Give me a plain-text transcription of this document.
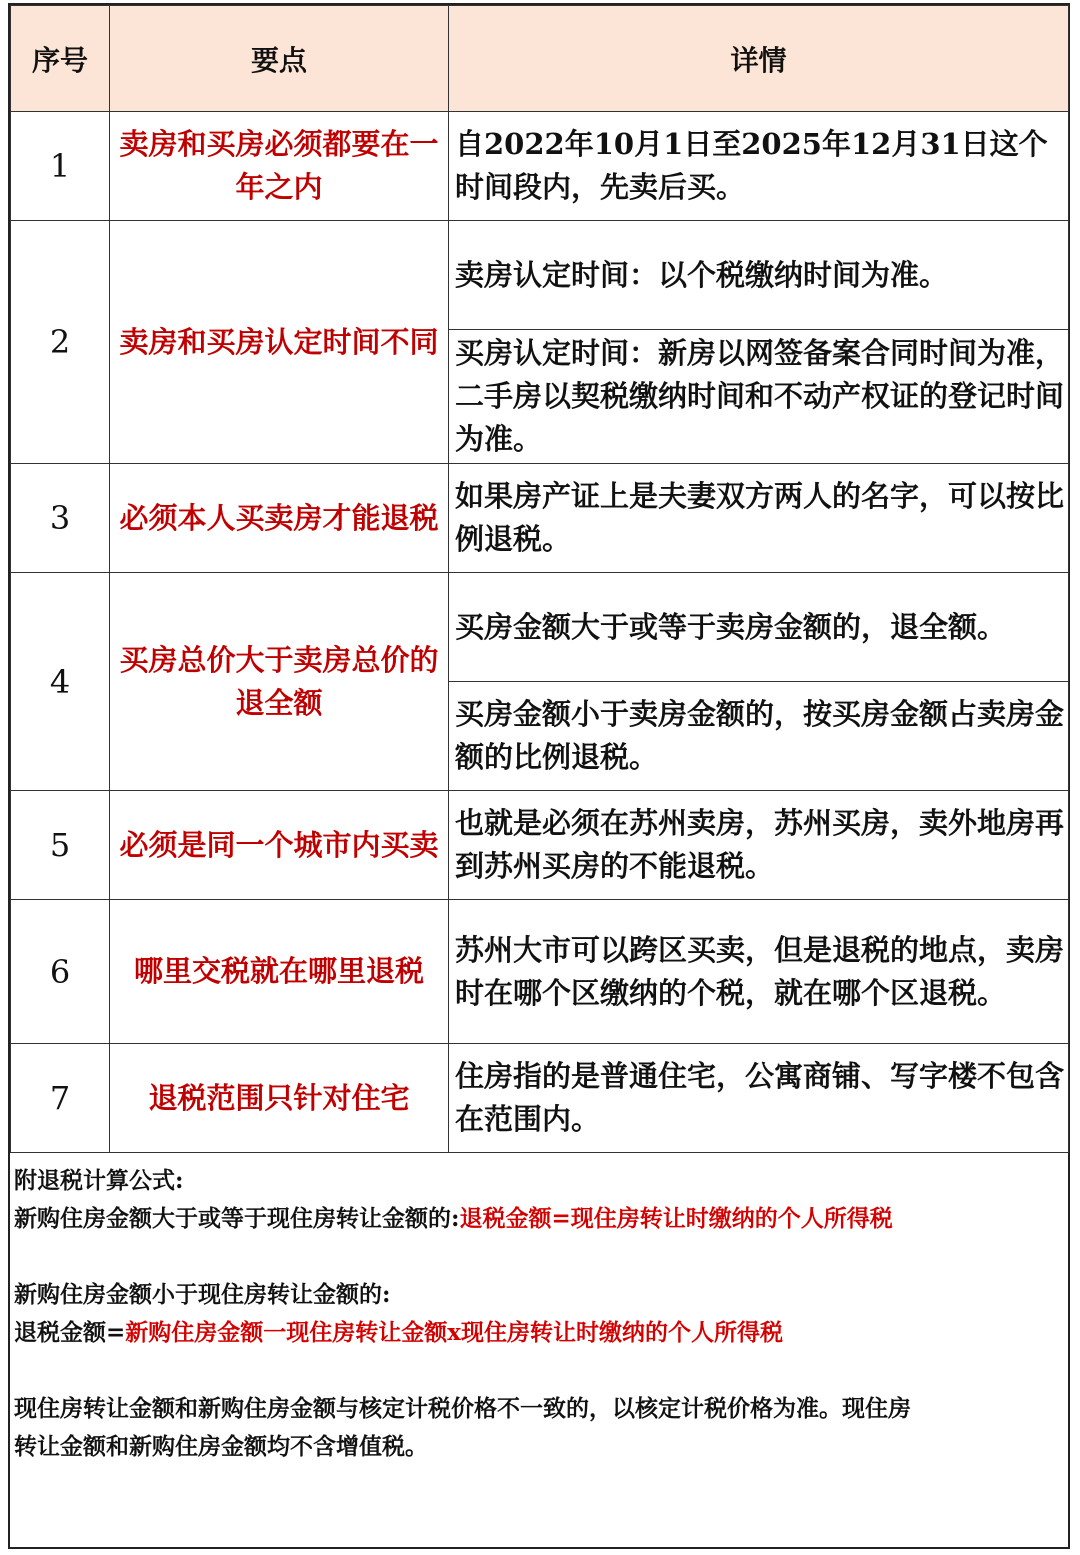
序号	要点	详情
1	卖房和买房必须都要在一年之内	自2022年10月1日至2025年12月31日这个时间段内，先卖后买。
2	卖房和买房认定时间不同	卖房认定时间：以个税缴纳时间为准。
		买房认定时间：新房以网签备案合同时间为准，二手房以契税缴纳时间和不动产权证的登记时间为准。
3	必须本人买卖房才能退税	如果房产证上是夫妻双方两人的名字，可以按比例退税。
4	买房总价大于卖房总价的退全额	买房金额大于或等于卖房金额的，退全额。
		买房金额小于卖房金额的，按买房金额占卖房金额的比例退税。
5	必须是同一个城市内买卖	也就是必须在苏州卖房，苏州买房，卖外地房再到苏州买房的不能退税。
6	哪里交税就在哪里退税	苏州大市可以跨区买卖，但是退税的地点，卖房时在哪个区缴纳的个税，就在哪个区退税。
7	退税范围只针对住宅	住房指的是普通住宅，公寓商铺、写字楼不包含在范围内。
附退税计算公式:
新购住房金额大于或等于现住房转让金额的:退税金额=现住房转让时缴纳的个人所得税
新购住房金额小于现住房转让金额的:
退税金额=新购住房金额一现住房转让金额x现住房转让时缴纳的个人所得税
现住房转让金额和新购住房金额与核定计税价格不一致的，以核定计税价格为准。现住房
转让金额和新购住房金额均不含增值税。
